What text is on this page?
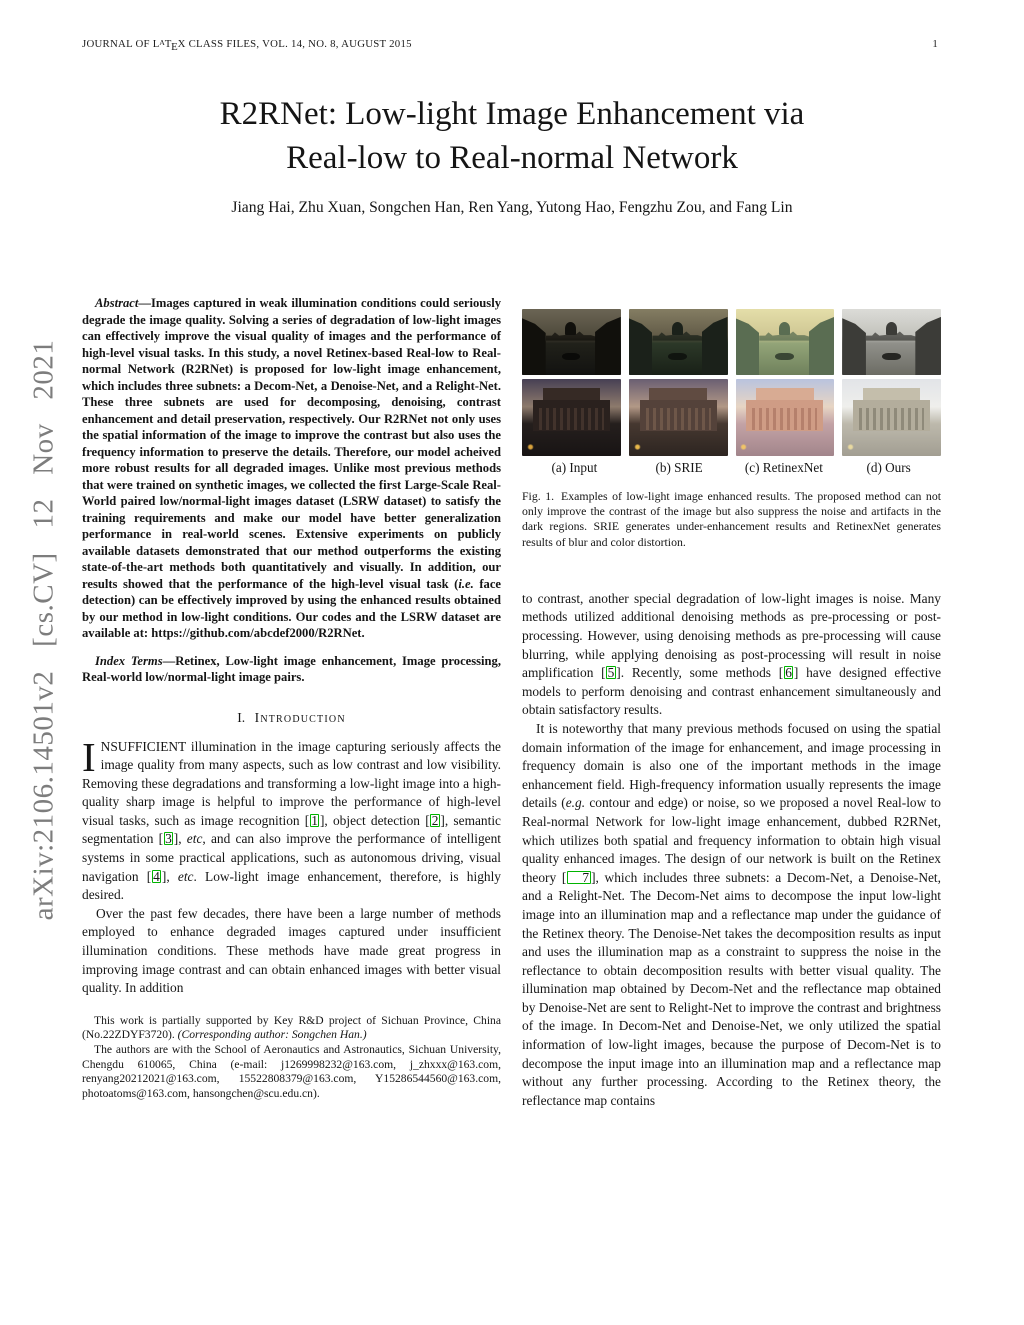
arXiv:2106.14501v2 [cs.CV] 12 Nov 2021
JOURNAL OF $L^ATEX$ CLASS FILES, VOL. 14, NO. 8, AUGUST 2015	1
R2RNet: Low-light Image Enhancement via
Real-low to Real-normal Network
Jiang Hai, Zhu Xuan, Songchen Han, Ren Yang, Yutong Hao, Fengzhu Zou, and Fang Lin

Abstract—Images captured in weak illumination conditions could seriously degrade the image quality. Solving a series of degradation of low-light images can effectively improve the visual quality of images and the performance of high-level visual tasks. In this study, a novel Retinex-based Real-low to Real-normal Network (R2RNet) is proposed for low-light image enhancement, which includes three subnets: a Decom-Net, a Denoise-Net, and a Relight-Net. These three subnets are used for decomposing, denoising, contrast enhancement and detail preservation, respectively. Our R2RNet not only uses the spatial information of the image to improve the contrast but also uses the frequency information to preserve the details. Therefore, our model acheived more robust results for all degraded images. Unlike most previous methods that were trained on synthetic images, we collected the first Large-Scale Real-World paired low/normal-light images dataset (LSRW dataset) to satisfy the training requirements and make our model have better generalization performance in real-world scenes. Extensive experiments on publicly available datasets demonstrated that our method outperforms the existing state-of-the-art methods both quantitatively and visually. In addition, our results showed that the performance of the high-level visual task (i.e. face detection) can be effectively improved by using the enhanced results obtained by our method in low-light conditions. Our codes and the LSRW dataset are available at: https://github.com/abcdef2000/R2RNet.

Index Terms—Retinex, Low-light image enhancement, Image processing, Real-world low/normal-light image pairs.

I. Introduction

INSUFFICIENT illumination in the image capturing seriously affects the image quality from many aspects, such as low contrast and low visibility. Removing these degradations and transforming a low-light image into a high-quality sharp image is helpful to improve the performance of high-level visual tasks, such as image recognition [ 1 ], object detection [ 2 ], semantic segmentation [ 3 ], etc, and can also improve the performance of intelligent systems in some practical applications, such as autonomous driving, visual navigation [ 4 ], etc. Low-light image enhancement, therefore, is highly desired.

Over the past few decades, there have been a large number of methods employed to enhance degraded images captured under insufficient illumination conditions. These methods have made great progress in improving image contrast and can obtain enhanced images with better visual quality. In addition

This work is partially supported by Key R&D project of Sichuan Province, China (No.22ZDYF3720). (Corresponding author: Songchen Han.)

The authors are with the School of Aeronautics and Astronautics, Sichuan University, Chengdu 610065, China (e-mail: j1269998232@163.com, j_zhxxx@163.com, renyang20212021@163.com, 15522808379@163.com, Y15286544560@163.com, photoatoms@163.com, hansongchen@scu.edu.cn).

(a) Input	(b) SRIE	(c) RetinexNet	(d) Ours
Fig. 1. Examples of low-light image enhanced results. The proposed method can not only improve the contrast of the image but also suppress the noise and artifacts in the dark regions. SRIE generates under-enhancement results and RetinexNet generates results of blur and color distortion.

to contrast, another special degradation of low-light images is noise. Many methods utilized additional denoising methods as pre-processing or post-processing. However, using denoising methods as pre-processing will cause blurring, while applying denoising as post-processing will result in noise amplification [ 5 ]. Recently, some methods [ 6 ] have designed effective models to perform denoising and contrast enhancement simultaneously and obtain satisfactory results.

It is noteworthy that many previous methods focused on using the spatial domain information of the image for enhancement, and image processing in frequency domain is also one of the important methods in the image enhancement field. High-frequency information usually represents the image details (e.g. contour and edge) or noise, so we proposed a novel Real-low to Real-normal Network for low-light image enhancement, dubbed R2RNet, which utilizes both spatial and frequency information to obtain high visual quality enhanced images. The design of our network is built on the Retinex theory [ 7 ], which includes three subnets: a Decom-Net, a Denoise-Net, and a Relight-Net. The Decom-Net aims to decompose the input low-light image into an illumination map and a reflectance map under the guidance of the Retinex theory. The Denoise-Net takes the decomposition results as input and uses the illumination map as a constraint to suppress the noise in the reflectance to obtain decomposition results with better visual quality. The illumination map obtained by Decom-Net and the reflectance map obtained by Denoise-Net are sent to Relight-Net to improve the contrast and brightness of the image. In Decom-Net and Denoise-Net, we only utilized the spatial information of low-light images, because the purpose of Decom-Net is to decompose the input image into an illumination map and a reflectance map without any further processing. According to the Retinex theory, the reflectance map contains
